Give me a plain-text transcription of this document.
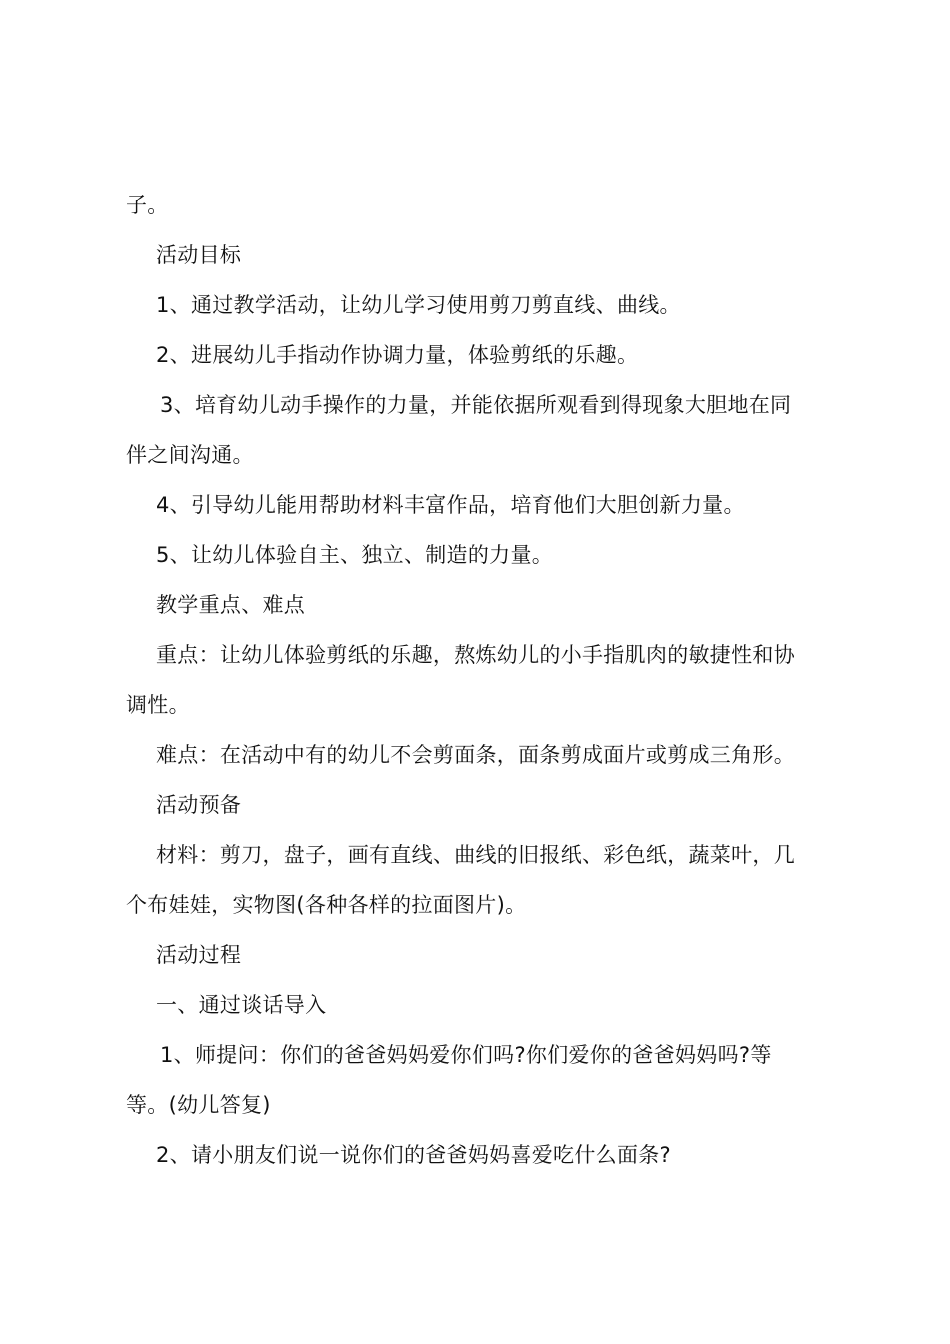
子。
活动目标
1、通过教学活动，让幼儿学习使用剪刀剪直线、曲线。
2、进展幼儿手指动作协调力量，体验剪纸的乐趣。
3、培育幼儿动手操作的力量，并能依据所观看到得现象大胆地在同
伴之间沟通。
4、引导幼儿能用帮助材料丰富作品，培育他们大胆创新力量。
5、让幼儿体验自主、独立、制造的力量。
教学重点、难点
重点：让幼儿体验剪纸的乐趣，熬炼幼儿的小手指肌肉的敏捷性和协
调性。
难点：在活动中有的幼儿不会剪面条，面条剪成面片或剪成三角形。
活动预备
材料：剪刀，盘子，画有直线、曲线的旧报纸、彩色纸，蔬菜叶，几
个布娃娃，实物图(各种各样的拉面图片)。
活动过程
一、通过谈话导入
1、师提问：你们的爸爸妈妈爱你们吗?你们爱你的爸爸妈妈吗?等
等。(幼儿答复)
2、请小朋友们说一说你们的爸爸妈妈喜爱吃什么面条?
